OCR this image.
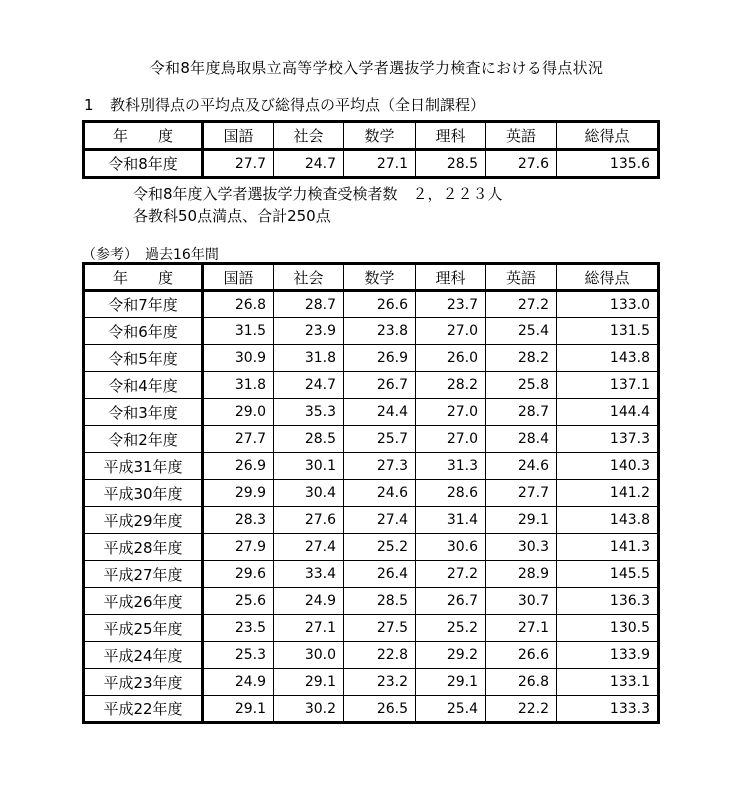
令和8年度鳥取県立高等学校入学者選抜学力検査における得点状況
1 教科別得点の平均点及び総得点の平均点（全日制課程）
年　　度	国語	社会	数学	理科	英語	総得点
令和8年度	27.7	24.7	27.1	28.5	27.6	135.6
令和8年度入学者選抜学力検査受検者数　２，２２３人
各教科50点満点、合計250点
（参考）　過去16年間
年　　度	国語	社会	数学	理科	英語	総得点
令和7年度	26.8	28.7	26.6	23.7	27.2	133.0
令和6年度	31.5	23.9	23.8	27.0	25.4	131.5
令和5年度	30.9	31.8	26.9	26.0	28.2	143.8
令和4年度	31.8	24.7	26.7	28.2	25.8	137.1
令和3年度	29.0	35.3	24.4	27.0	28.7	144.4
令和2年度	27.7	28.5	25.7	27.0	28.4	137.3
平成31年度	26.9	30.1	27.3	31.3	24.6	140.3
平成30年度	29.9	30.4	24.6	28.6	27.7	141.2
平成29年度	28.3	27.6	27.4	31.4	29.1	143.8
平成28年度	27.9	27.4	25.2	30.6	30.3	141.3
平成27年度	29.6	33.4	26.4	27.2	28.9	145.5
平成26年度	25.6	24.9	28.5	26.7	30.7	136.3
平成25年度	23.5	27.1	27.5	25.2	27.1	130.5
平成24年度	25.3	30.0	22.8	29.2	26.6	133.9
平成23年度	24.9	29.1	23.2	29.1	26.8	133.1
平成22年度	29.1	30.2	26.5	25.4	22.2	133.3
